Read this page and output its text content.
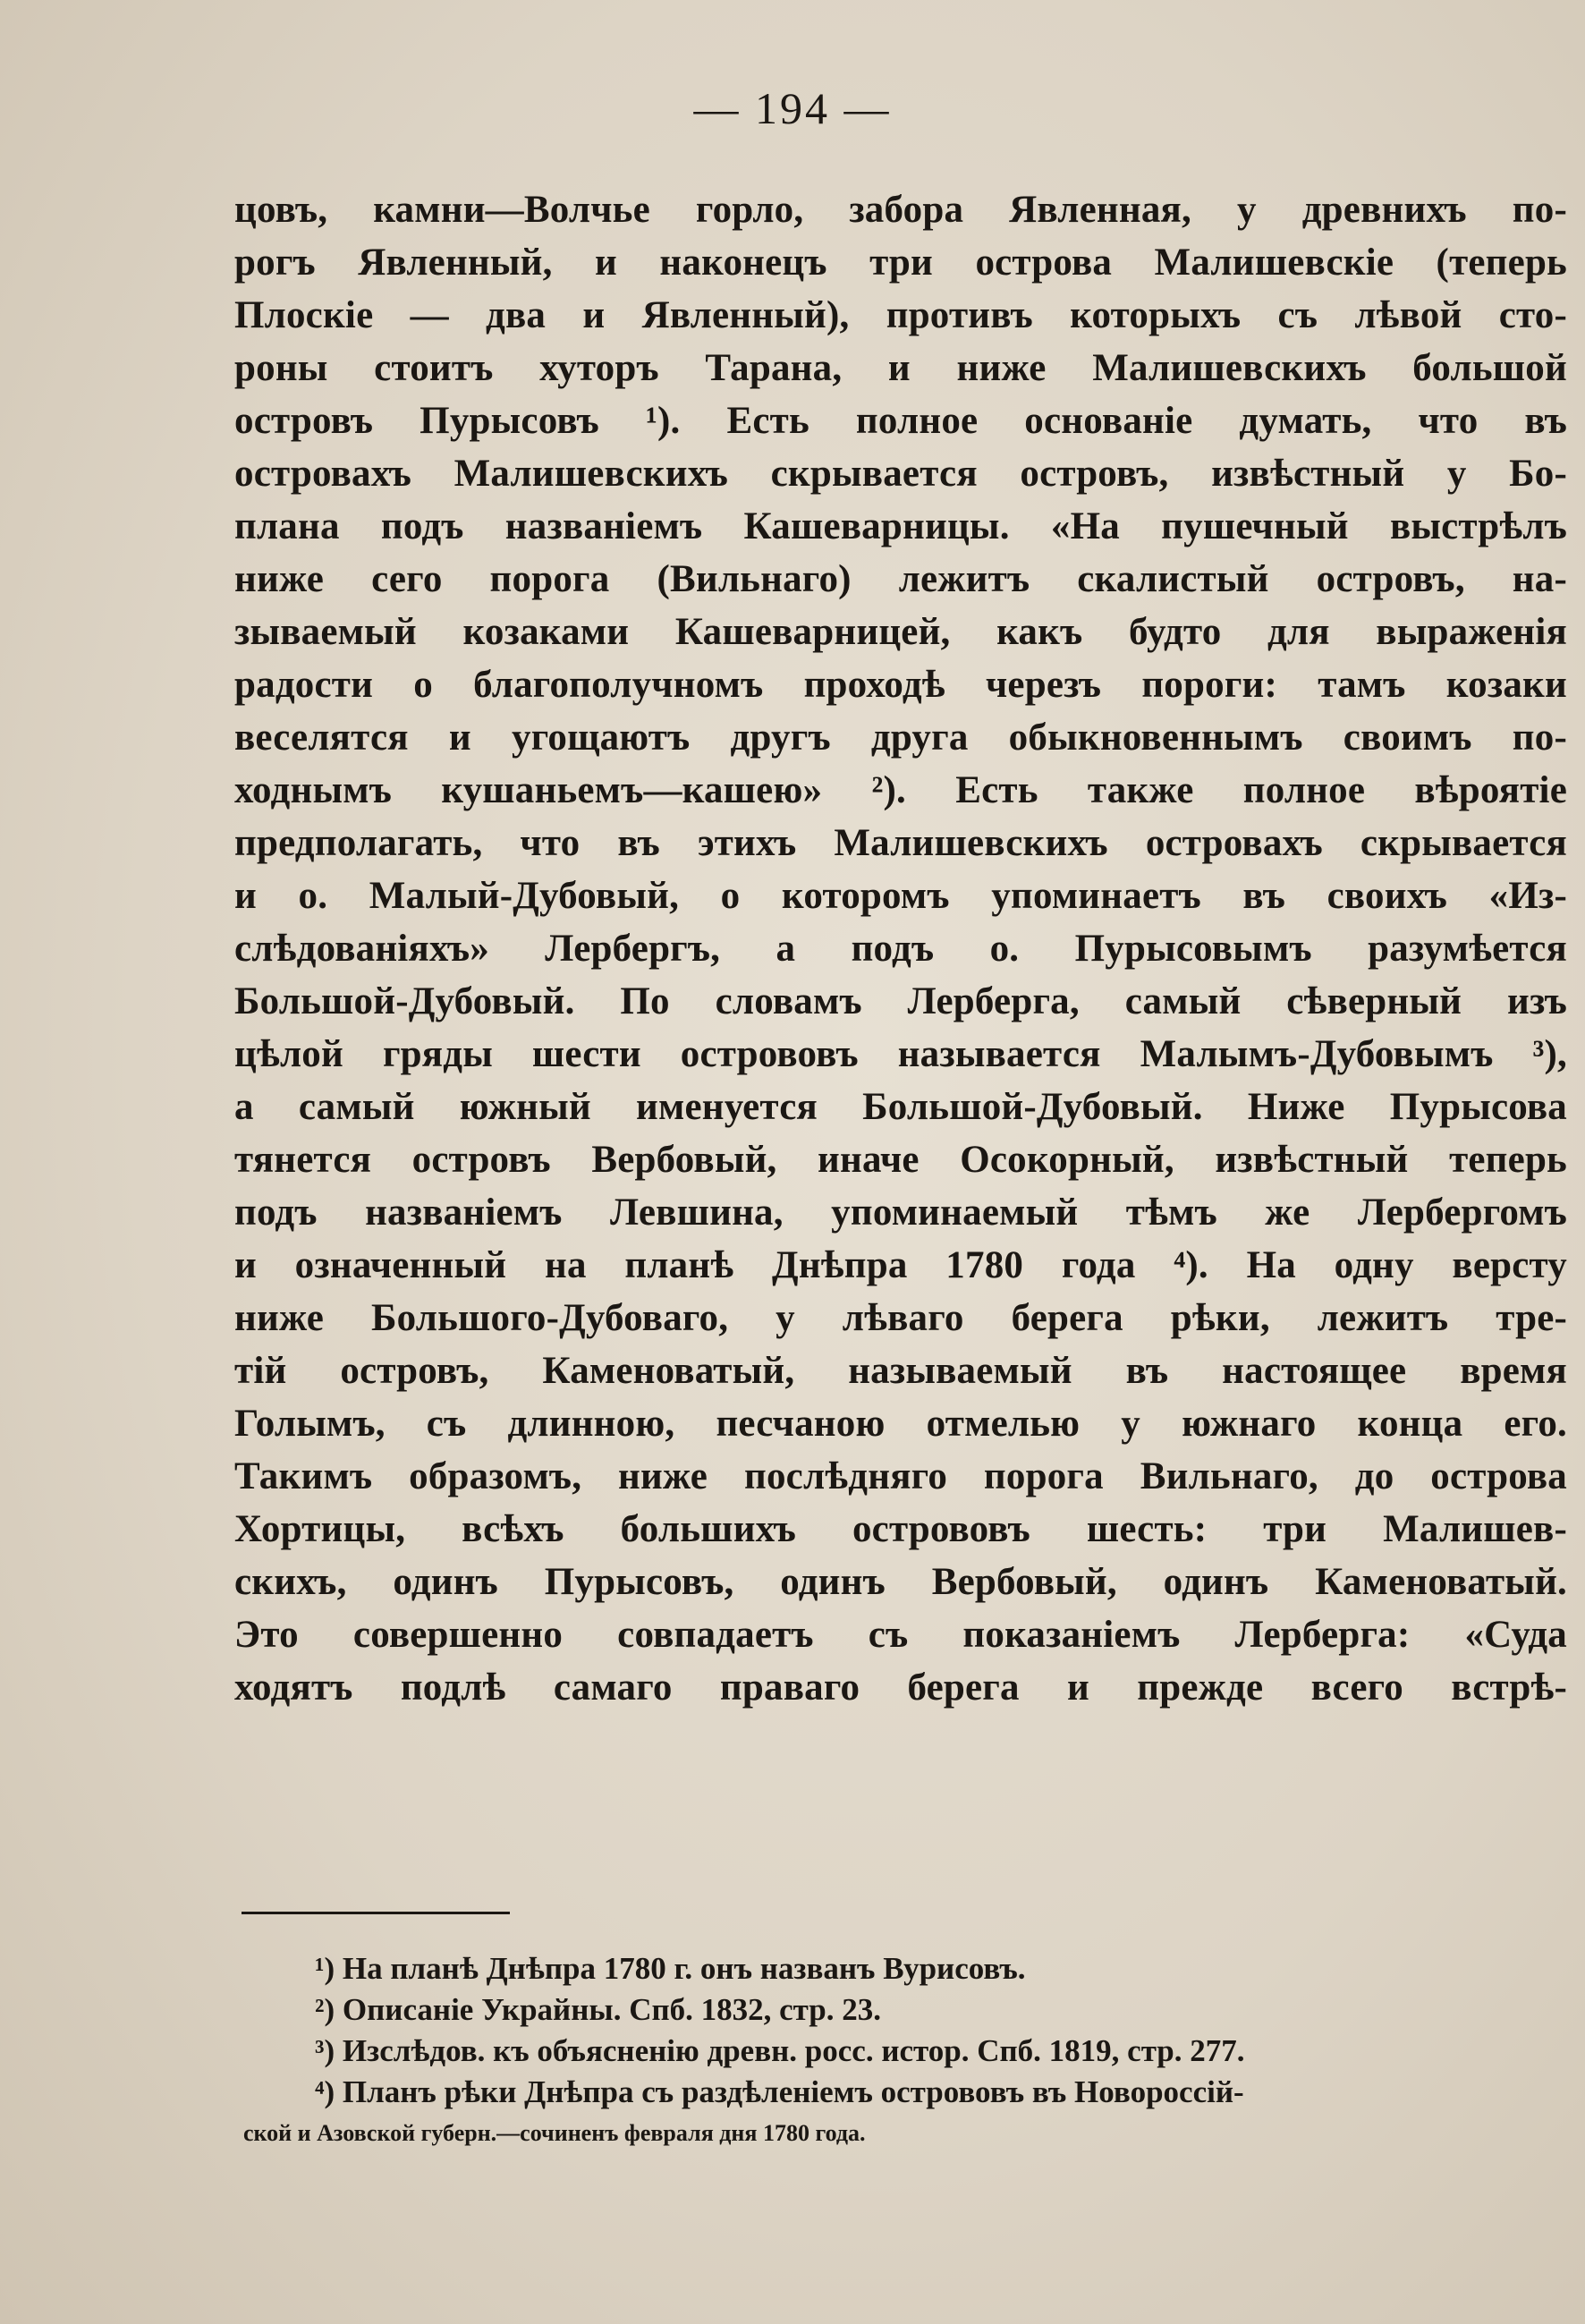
— 194 —
цовъ, камни—Волчье горло, забора Явленная, у древнихъ по-
рогъ Явленный, и наконецъ три острова Малишевскіе (теперь
Плоскіе — два и Явленный), противъ которыхъ съ лѣвой сто-
роны стоитъ хуторъ Тарана, и ниже Малишевскихъ большой
островъ Пурысовъ ¹). Есть полное основаніе думать, что въ
островахъ Малишевскихъ скрывается островъ, извѣстный у Бо-
плана подъ названіемъ Кашеварницы. «На пушечный выстрѣлъ
ниже сего порога (Вильнаго) лежитъ скалистый островъ, на-
зываемый козаками Кашеварницей, какъ будто для выраженія
радости о благополучномъ проходѣ черезъ пороги: тамъ козаки
веселятся и угощаютъ другъ друга обыкновеннымъ своимъ по-
ходнымъ кушаньемъ—кашею» ²). Есть также полное вѣроятіе
предполагать, что въ этихъ Малишевскихъ островахъ скрывается
и о. Малый-Дубовый, о которомъ упоминаетъ въ своихъ «Из-
слѣдованіяхъ» Лербергъ, а подъ о. Пурысовымъ разумѣется
Большой-Дубовый. По словамъ Лерберга, самый сѣверный изъ
цѣлой гряды шести острововъ называется Малымъ-Дубовымъ ³),
а самый южный именуется Большой-Дубовый. Ниже Пурысова
тянется островъ Вербовый, иначе Осокорный, извѣстный теперь
подъ названіемъ Левшина, упоминаемый тѣмъ же Лербергомъ
и означенный на планѣ Днѣпра 1780 года ⁴). На одну версту
ниже Большого-Дубоваго, у лѣваго берега рѣки, лежитъ тре-
тій островъ, Каменоватый, называемый въ настоящее время
Голымъ, съ длинною, песчаною отмелью у южнаго конца его.
Такимъ образомъ, ниже послѣдняго порога Вильнаго, до острова
Хортицы, всѣхъ большихъ острововъ шесть: три Малишев-
скихъ, одинъ Пурысовъ, одинъ Вербовый, одинъ Каменоватый.
Это совершенно совпадаетъ съ показаніемъ Лерберга: «Суда
ходятъ подлѣ самаго праваго берега и прежде всего встрѣ-
¹) На планѣ Днѣпра 1780 г. онъ названъ Вурисовъ.
²) Описаніе Украйны. Спб. 1832, стр. 23.
³) Изслѣдов. къ объясненію древн. росс. истор. Спб. 1819, стр. 277.
⁴) Планъ рѣки Днѣпра съ раздѣленіемъ острововъ въ Новороссій-
ской и Азовской губерн.—сочиненъ февраля дня 1780 года.
